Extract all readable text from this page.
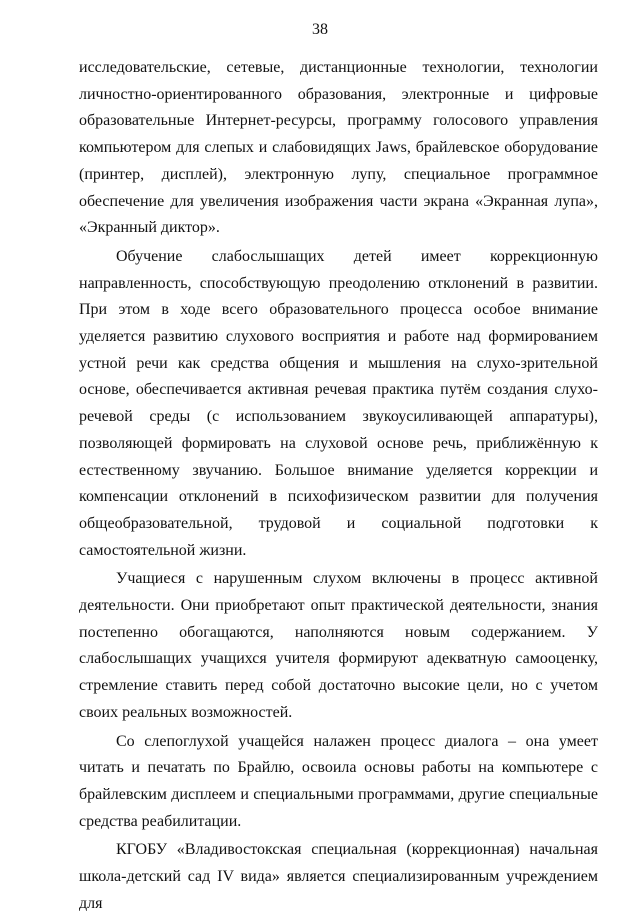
38

исследовательские, сетевые, дистанционные технологии, технологии личностно-ориентированного образования, электронные и цифровые образовательные Интернет-ресурсы, программу голосового управления компьютером для слепых и слабовидящих Jaws, брайлевское оборудование (принтер, дисплей), электронную лупу, специальное программное обеспечение для увеличения изображения части экрана «Экранная лупа», «Экранный диктор».

Обучение слабослышащих детей имеет коррекционную направленность, способствующую преодолению отклонений в развитии. При этом в ходе всего образовательного процесса особое внимание уделяется развитию слухового восприятия и работе над формированием устной речи как средства общения и мышления на слухо-зрительной основе, обеспечивается активная речевая практика путём создания слухо-речевой среды (с использованием звукоусиливающей аппаратуры), позволяющей формировать на слуховой основе речь, приближённую к естественному звучанию. Большое внимание уделяется коррекции и компенсации отклонений в психофизическом развитии для получения общеобразовательной, трудовой и социальной подготовки к самостоятельной жизни.

Учащиеся с нарушенным слухом включены в процесс активной деятельности. Они приобретают опыт практической деятельности, знания постепенно обогащаются, наполняются новым содержанием. У слабослышащих учащихся учителя формируют адекватную самооценку, стремление ставить перед собой достаточно высокие цели, но с учетом своих реальных возможностей.

Со слепоглухой учащейся налажен процесс диалога – она умеет читать и печатать по Брайлю, освоила основы работы на компьютере с брайлевским дисплеем и специальными программами, другие специальные средства реабилитации.

КГОБУ «Владивостокская специальная (коррекционная) начальная школа-детский сад IV вида» является специализированным учреждением для
